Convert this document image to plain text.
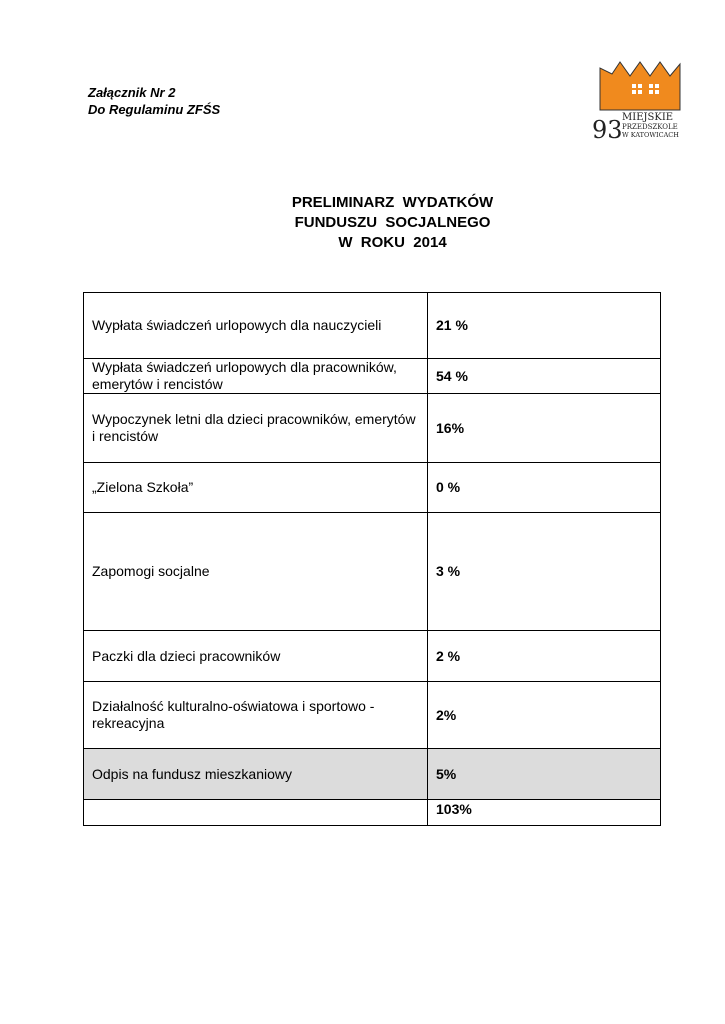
Załącznik Nr 2
Do Regulaminu ZFŚS
93 MIEJSKIE
PRZEDSZKOLE
W KATOWICACH
PRELIMINARZ  WYDATKÓW
FUNDUSZU  SOCJALNEGO
W  ROKU  2014
Wypłata świadczeń urlopowych dla nauczycieli	21 %
Wypłata świadczeń urlopowych dla pracowników, emerytów i rencistów	54 %
Wypoczynek letni dla dzieci pracowników, emerytów i rencistów	16%
„Zielona Szkoła”	0 %
Zapomogi socjalne	3 %
Paczki dla dzieci pracowników	2 %
Działalność kulturalno-oświatowa i sportowo -rekreacyjna	2%
Odpis na fundusz mieszkaniowy	5%
	103%
